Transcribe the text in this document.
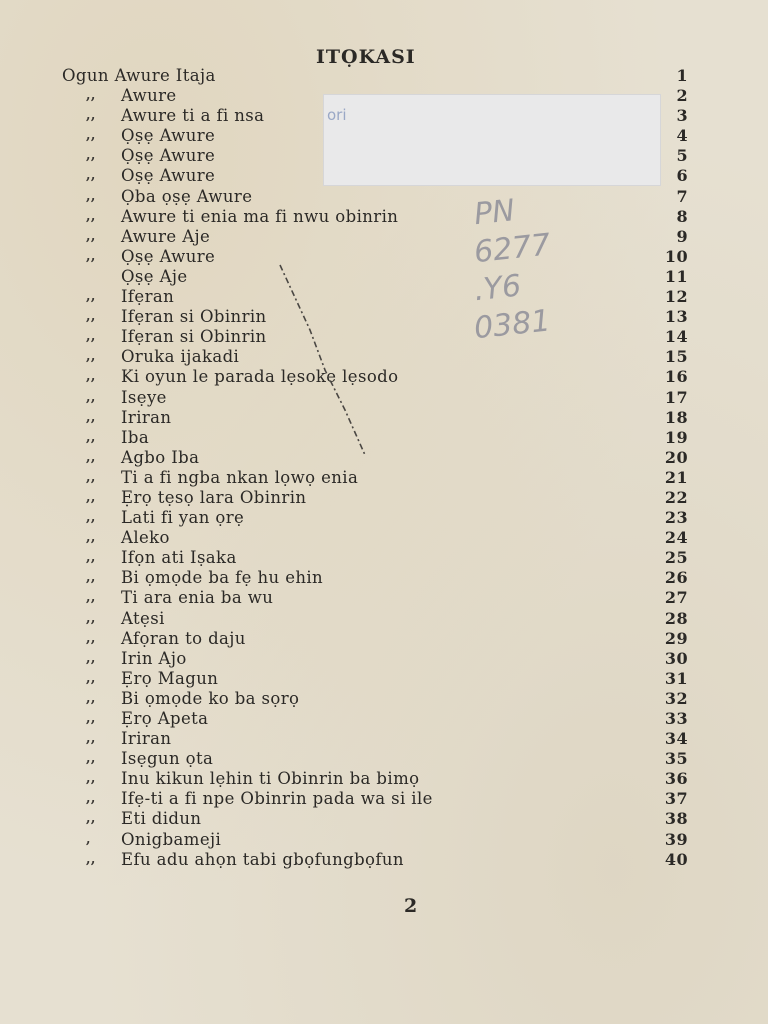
ITỌKASI
Ogun Awure Itaja	1
,,	Awure	2
,,	Awure ti a fi nsa	3
,,	Ọṣẹ Awure	4
,,	Ọṣẹ Awure	5
,,	Oṣẹ Awure	6
,,	Ọba ọṣẹ Awure	7
,,	Awure ti enia ma fi nwu obinrin	8
,,	Awure Aje	9
,,	Ọṣẹ Awure	10
Ọṣẹ Aje	11
,,	Ifẹran	12
,,	Ifẹran si Obinrin	13
,,	Ifẹran si Obinrin	14
,,	Oruka ijakadi	15
,,	Ki oyun le parada lẹsoke lẹsodo	16
,,	Isẹye	17
,,	Iriran	18
,,	Iba	19
,,	Agbo Iba	20
,,	Ti a fi ngba nkan lọwọ enia	21
,,	Ẹrọ tẹsọ lara Obinrin	22
,,	Lati fi yan ọrẹ	23
,,	Aleko	24
,,	Ifọn ati Iṣaka	25
,,	Bi ọmọde ba fẹ hu ehin	26
,,	Ti ara enia ba wu	27
,,	Atẹsi	28
,,	Afọran to daju	29
,,	Irin Ajo	30
,,	Ẹrọ Magun	31
,,	Bi ọmọde ko ba sọrọ	32
,,	Ẹrọ Apeta	33
,,	Iriran	34
,,	Isẹgun ọta	35
,,	Inu kikun lẹhin ti Obinrin ba bimọ	36
,,	Ifẹ-ti a fi npe Obinrin pada wa si ile	37
,,	Eti didun	38
,	Onigbameji	39
,,	Efu adu ahọn tabi gbọfungbọfun	40
ori
PN
6277
.Y6
0381
2
